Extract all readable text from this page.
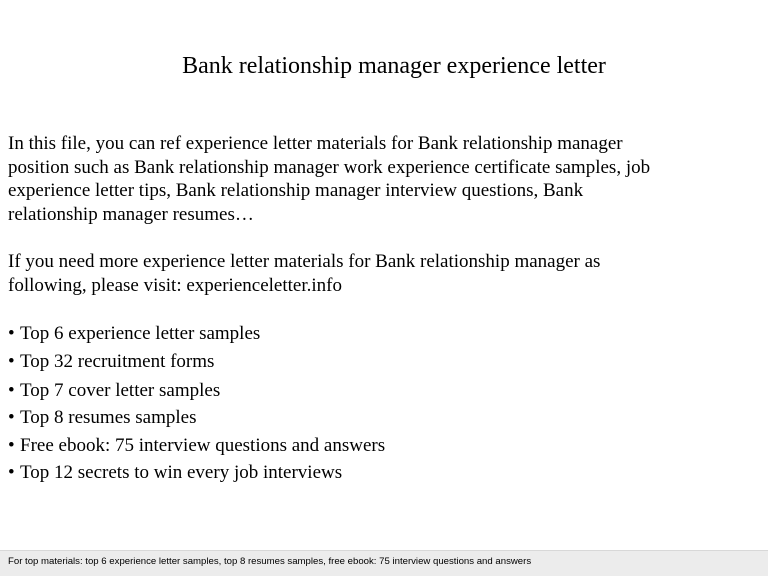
Bank relationship manager experience letter

In this file, you can ref experience letter materials for Bank relationship manager
position such as Bank relationship manager work experience certificate samples, job
experience letter tips, Bank relationship manager interview questions, Bank
relationship manager resumes…

If you need more experience letter materials for Bank relationship manager as
following, please visit: experienceletter.info

• Top 6 experience letter samples
• Top 32 recruitment forms
• Top 7 cover letter samples
• Top 8 resumes samples
• Free ebook: 75 interview questions and answers
• Top 12 secrets to win every job interviews
For top materials: top 6 experience letter samples, top 8 resumes samples, free ebook: 75 interview questions and answers
